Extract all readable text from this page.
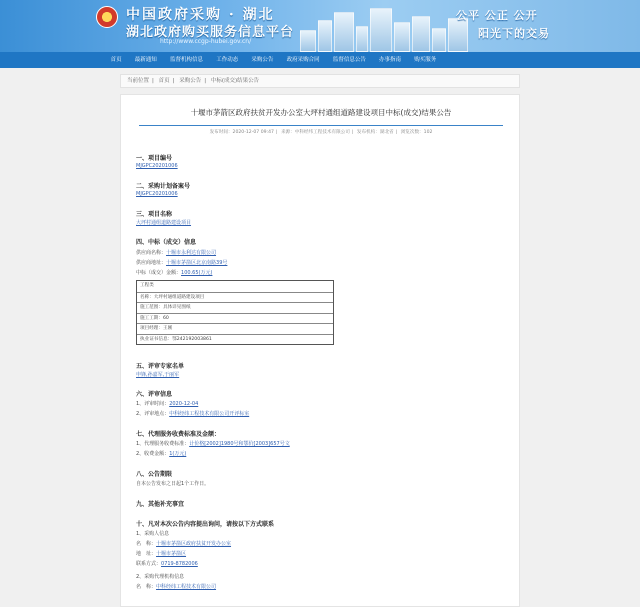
中国政府采购 · 湖北
湖北政府购买服务信息平台
http://www.ccgp-hubei.gov.cn/
公平 公正 公开
阳光下的交易
首页	最新通知	监督机构信息	工作动态	采购公告	政府采购合同	监督信息公告	办事指南	购买服务
当前位置 | 首页 | 采购公告 | 中标(成交)结果公告
十堰市茅箭区政府扶贫开发办公室大坪村通组道路建设项目中标(成交)结果公告
发布时间：2020-12-07 09:47 | 来源：中科经纬工程技术有限公司 | 发布机构：湖北省 | 浏览次数：102
一、项目编号
MJGPC20201006
二、采购计划备案号
MJGPC20201006
三、项目名称
大坪村通组道路建设项目
四、中标（成交）信息
供应商名称：十堰市永利达有限公司
供应商地址：十堰市茅箭区北京南路39号
中标（成交）金额：100.65(万元)
工程类
名称：大坪村通组道路建设项目
施工范围：具体详见图纸
施工工期：60
项目经理：王刚
执业证书信息：鄂242192003861
五、评审专家名单
申锋,孙嘉军,于丽军
六、评审信息
1、评审时间：2020-12-04
2、评审地点：中科经纬工程技术有限公司开评标室
七、代理服务收费标准及金额：
1、代理服务收费标准：计价格[2002]1980号和鄂价[2003]657号文
2、收费金额：1(万元)
八、公告期限
自本公告发布之日起1个工作日。
九、其他补充事宜
十、凡对本次公告内容提出询问，请按以下方式联系
1、采购人信息
名　称：十堰市茅箭区政府扶贫开发办公室
地　址：十堰市茅箭区
联系方式：0719-8782006
2、采购代理机构信息
名　称：中科经纬工程技术有限公司
